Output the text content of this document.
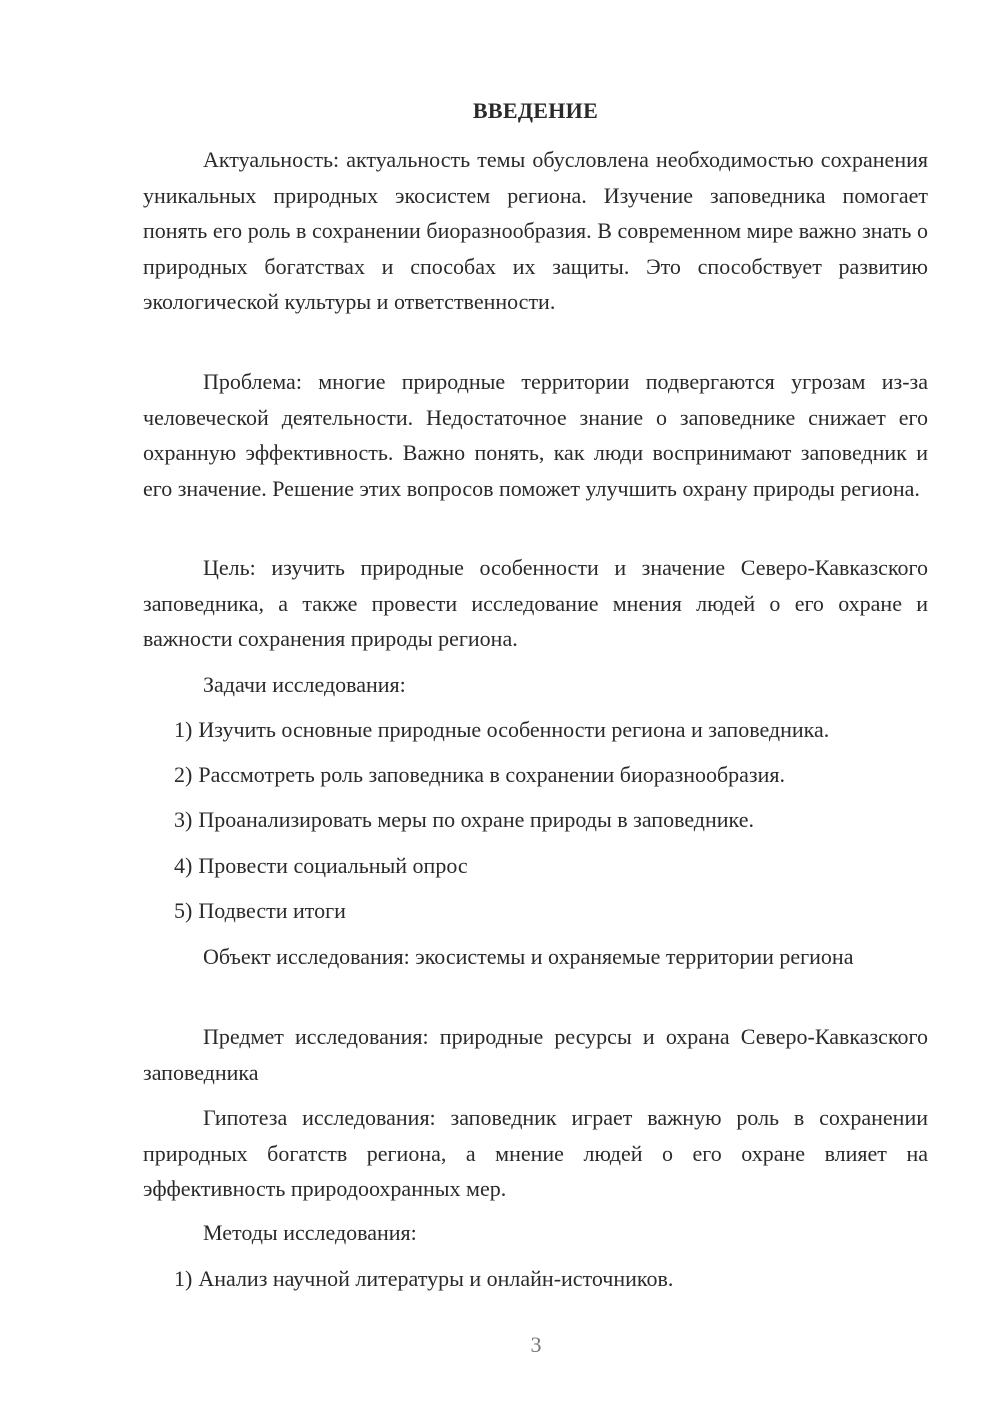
ВВЕДЕНИЕ

Актуальность: актуальность темы обусловлена необходимостью сохранения уникальных природных экосистем региона. Изучение заповедника помогает понять его роль в сохранении биоразнообразия. В современном мире важно знать о природных богатствах и способах их защиты. Это способствует развитию экологической культуры и ответственности.

Проблема: многие природные территории подвергаются угрозам из-за человеческой деятельности. Недостаточное знание о заповеднике снижает его охранную эффективность. Важно понять, как люди воспринимают заповедник и его значение. Решение этих вопросов поможет улучшить охрану природы региона.

Цель: изучить природные особенности и значение Северо-Кавказского заповедника, а также провести исследование мнения людей о его охране и важности сохранения природы региона.

Задачи исследования:
1) Изучить основные природные особенности региона и заповедника.
2) Рассмотреть роль заповедника в сохранении биоразнообразия.
3) Проанализировать меры по охране природы в заповеднике.
4) Провести социальный опрос
5) Подвести итоги

Объект исследования: экосистемы и охраняемые территории региона

Предмет исследования: природные ресурсы и охрана Северо-Кавказского заповедника

Гипотеза исследования: заповедник играет важную роль в сохранении природных богатств региона, а мнение людей о его охране влияет на эффективность природоохранных мер.

Методы исследования:
1) Анализ научной литературы и онлайн-источников.
3
